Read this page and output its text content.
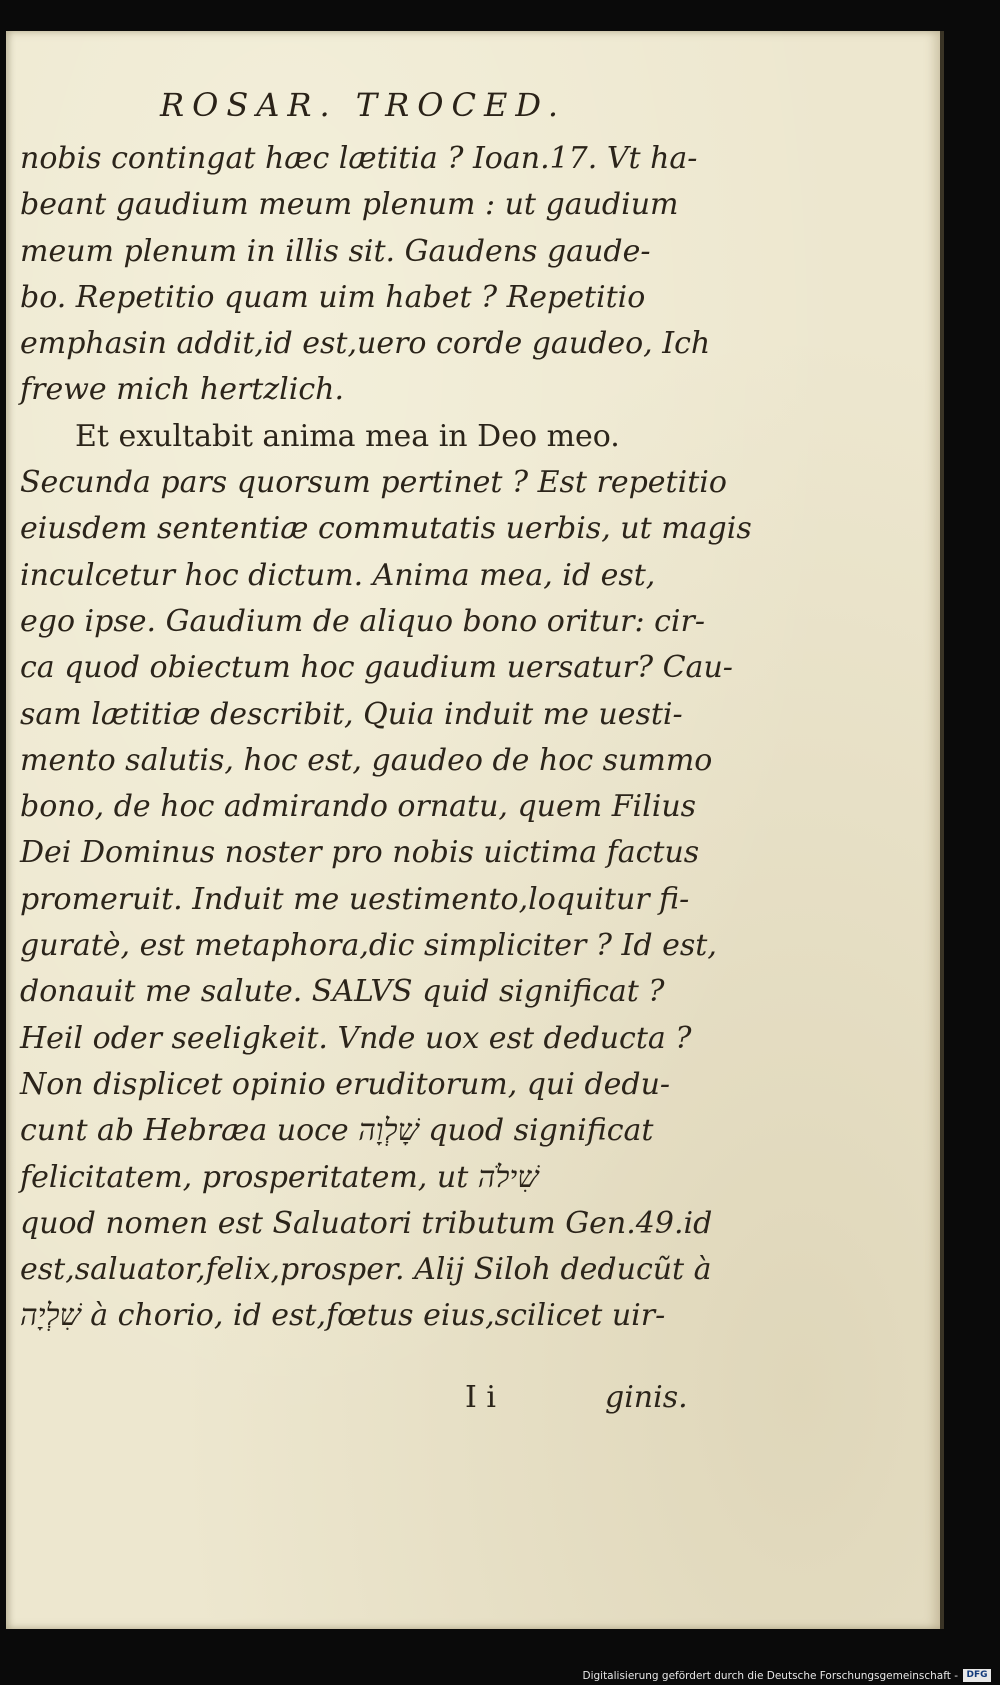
ROSAR. TROCED.
nobis contingat hæc lætitia ? Ioan.17. Vt ha-
beant gaudium meum plenum : ut gaudium
meum plenum in illis sit. Gaudens gaude-
bo. Repetitio quam uim habet ? Repetitio
emphasin addit,id est,uero corde gaudeo, Ich
frewe mich hertzlich.
Et exultabit anima mea in Deo meo.
Secunda pars quorsum pertinet ? Est repetitio
eiusdem sententiæ commutatis uerbis, ut magis
inculcetur hoc dictum. Anima mea, id est,
ego ipse. Gaudium de aliquo bono oritur: cir-
ca quod obiectum hoc gaudium uersatur? Cau-
sam lætitiæ describit, Quia induit me uesti-
mento salutis, hoc est, gaudeo de hoc summo
bono, de hoc admirando ornatu, quem Filius
Dei Dominus noster pro nobis uictima factus
promeruit. Induit me uestimento,loquitur fi-
guratè, est metaphora,dic simpliciter ? Id est,
donauit me salute. SALVS quid significat ?
Heil oder seeligkeit. Vnde uox est deducta ?
Non displicet opinio eruditorum, qui dedu-
cunt ab Hebræa uoce שָׁלְוָה quod significat
felicitatem, prosperitatem, ut שִׁילֹה
quod nomen est Saluatori tributum Gen.49.id
est,saluator,felix,prosper. Alij Siloh deducũt à
שִׁלְיָה à chorio, id est,fœtus eius,scilicet uir-
I i	ginis.
Digitalisierung gefördert durch die Deutsche Forschungsgemeinschaft - DFG
